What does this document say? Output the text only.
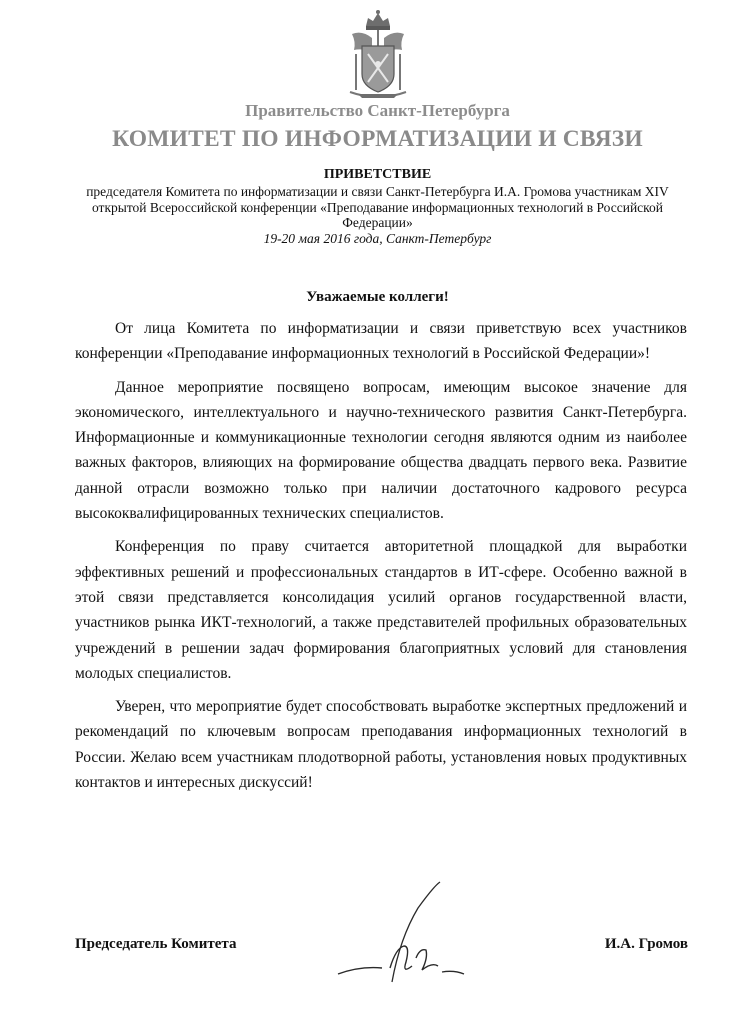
Правительство Санкт-Петербурга
КОМИТЕТ ПО ИНФОРМАТИЗАЦИИ И СВЯЗИ
ПРИВЕТСТВИЕ
председателя Комитета по информатизации и связи Санкт-Петербурга И.А. Громова участникам XIV открытой Всероссийской конференции «Преподавание информационных технологий в Российской Федерации»
19-20 мая 2016 года, Санкт-Петербург
Уважаемые коллеги!

От лица Комитета по информатизации и связи приветствую всех участников конференции «Преподавание информационных технологий в Российской Федерации»!

Данное мероприятие посвящено вопросам, имеющим высокое значение для экономического, интеллектуального и научно-технического развития Санкт-Петербурга. Информационные и коммуникационные технологии сегодня являются одним из наиболее важных факторов, влияющих на формирование общества двадцать первого века. Развитие данной отрасли возможно только при наличии достаточного кадрового ресурса высококвалифицированных технических специалистов.

Конференция по праву считается авторитетной площадкой для выработки эффективных решений и профессиональных стандартов в ИТ-сфере. Особенно важной в этой связи представляется консолидация усилий органов государственной власти, участников рынка ИКТ-технологий, а также представителей профильных образовательных учреждений в решении задач формирования благоприятных условий для становления молодых специалистов.

Уверен, что мероприятие будет способствовать выработке экспертных предложений и рекомендаций по ключевым вопросам преподавания информационных технологий в России. Желаю всем участникам плодотворной работы, установления новых продуктивных контактов и интересных дискуссий!

Председатель Комитета	И.А. Громов
